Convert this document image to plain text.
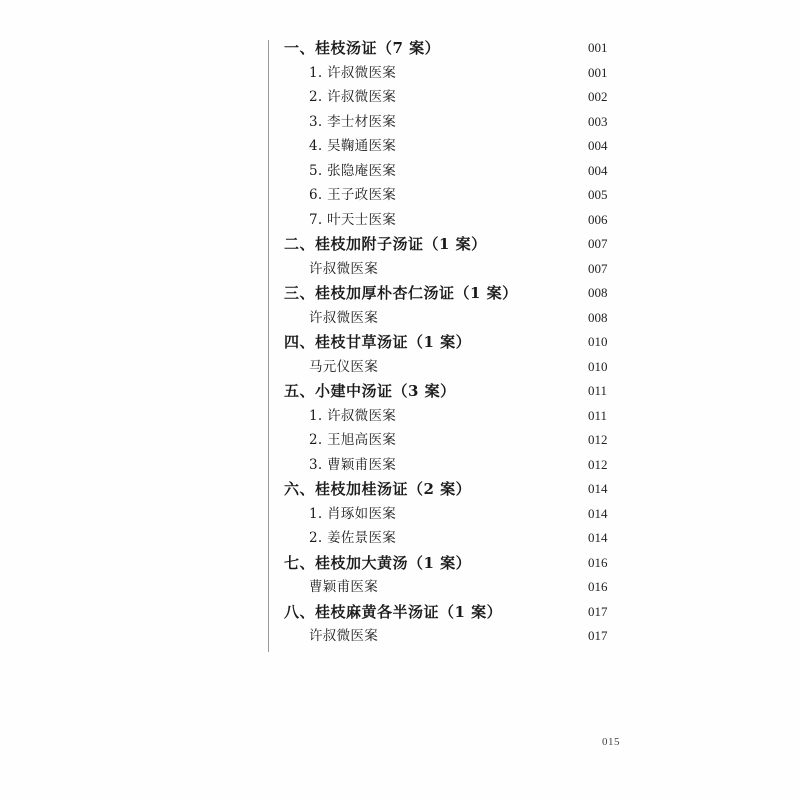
一、桂枝汤证（7 案）	001
1. 许叔微医案	001
2. 许叔微医案	002
3. 李士材医案	003
4. 吴鞠通医案	004
5. 张隐庵医案	004
6. 王子政医案	005
7. 叶天士医案	006
二、桂枝加附子汤证（1 案）	007
许叔微医案	007
三、桂枝加厚朴杏仁汤证（1 案）	008
许叔微医案	008
四、桂枝甘草汤证（1 案）	010
马元仪医案	010
五、小建中汤证（3 案）	011
1. 许叔微医案	011
2. 王旭高医案	012
3. 曹颖甫医案	012
六、桂枝加桂汤证（2 案）	014
1. 肖琢如医案	014
2. 姜佐景医案	014
七、桂枝加大黄汤（1 案）	016
曹颖甫医案	016
八、桂枝麻黄各半汤证（1 案）	017
许叔微医案	017
015
